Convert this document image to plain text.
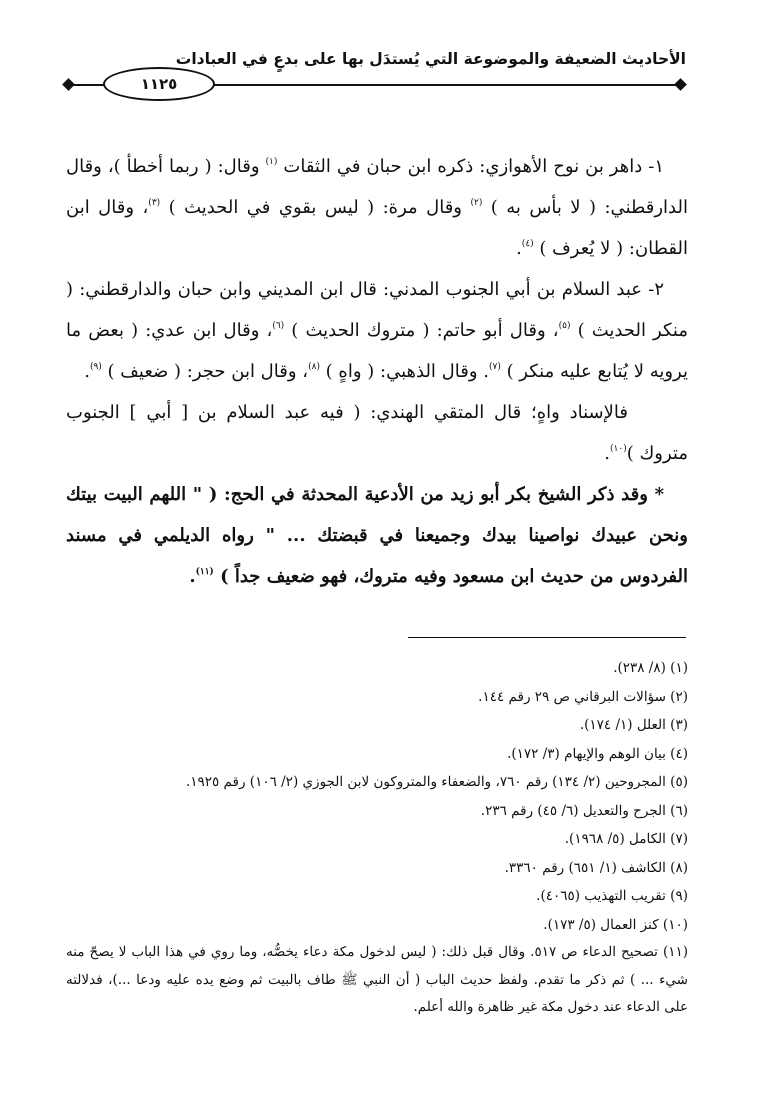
الأحاديث الضعيفة والموضوعة التي يُستدَل بها على بدعٍ في العبادات
١١٢٥

١- داهر بن نوح الأهوازي: ذكره ابن حبان في الثقات $^{(١)}$ وقال: ( ربما أخطأ )، وقال الدارقطني: ( لا بأس به ) $^{(٢)}$ وقال مرة: ( ليس بقوي في الحديث ) $^{(٣)}$، وقال ابن القطان: ( لا يُعرف ) $^{(٤)}$.

٢- عبد السلام بن أبي الجنوب المدني: قال ابن المديني وابن حبان والدارقطني: ( منكر الحديث ) $^{(٥)}$، وقال أبو حاتم: ( متروك الحديث ) $^{(٦)}$، وقال ابن عدي: ( بعض ما يرويه لا يُتابع عليه منكر ) $^{(٧)}$. وقال الذهبي: ( واهٍ ) $^{(٨)}$، وقال ابن حجر: ( ضعيف ) $^{(٩)}$.

فالإسناد واهٍ؛ قال المتقي الهندي: ( فيه عبد السلام بن [ أبي ] الجنوب متروك )$^{(١٠)}$.

* وقد ذكر الشيخ بكر أبو زيد من الأدعية المحدثة في الحج: ( " اللهم البيت بيتك ونحن عبيدك نواصينا بيدك وجميعنا في قبضتك ... " رواه الديلمي في مسند الفردوس من حديث ابن مسعود وفيه متروك، فهو ضعيف جداً ) $^{(١١)}$.

(١) (٨/ ٢٣٨).
(٢) سؤالات البرقاني ص ٢٩ رقم ١٤٤.
(٣) العلل (١/ ١٧٤).
(٤) بيان الوهم والإيهام (٣/ ١٧٢).
(٥) المجروحين (٢/ ١٣٤) رقم ٧٦٠، والضعفاء والمتروكون لابن الجوزي (٢/ ١٠٦) رقم ١٩٢٥.
(٦) الجرح والتعديل (٦/ ٤٥) رقم ٢٣٦.
(٧) الكامل (٥/ ١٩٦٨).
(٨) الكاشف (١/ ٦٥١) رقم ٣٣٦٠.
(٩) تقريب التهذيب (٤٠٦٥).
(١٠) كنز العمال (٥/ ١٧٣).
(١١) تصحيح الدعاء ص ٥١٧. وقال قبل ذلك: ( ليس لدخول مكة دعاء يخصُّه، وما روي في هذا الباب لا يصحّ منه شيء ... ) ثم ذكر ما تقدم. ولفظ حديث الباب ( أن النبي ﷺ طاف بالبيت ثم وضع يده عليه ودعا ...)، فدلالته على الدعاء عند دخول مكة غير ظاهرة والله أعلم.
